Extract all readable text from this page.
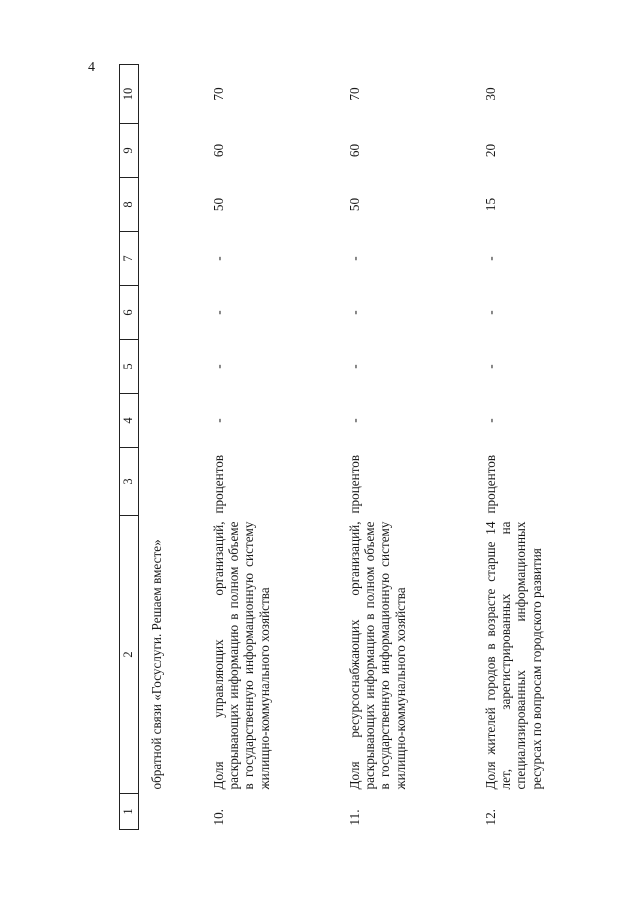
4
1	2	3	4	5	6	7	8	9	10
	обратной связи «Госуслуги. Решаем вместе»								
10.	Доля управляющих организаций, раскрывающих информацию в полном объеме в государственную информационную систему жилищно-коммунального хозяйства	процентов	-	-	-	-	50	60	70
11.	Доля ресурсоснабжающих организаций, раскрывающих информацию в полном объеме в государственную информационную систему жилищно-коммунального хозяйства	процентов	-	-	-	-	50	60	70
12.	Доля жителей городов в возрасте старше 14 лет, зарегистрированных на специализированных информационных ресурсах по вопросам городского развития	процентов	-	-	-	-	15	20	30
